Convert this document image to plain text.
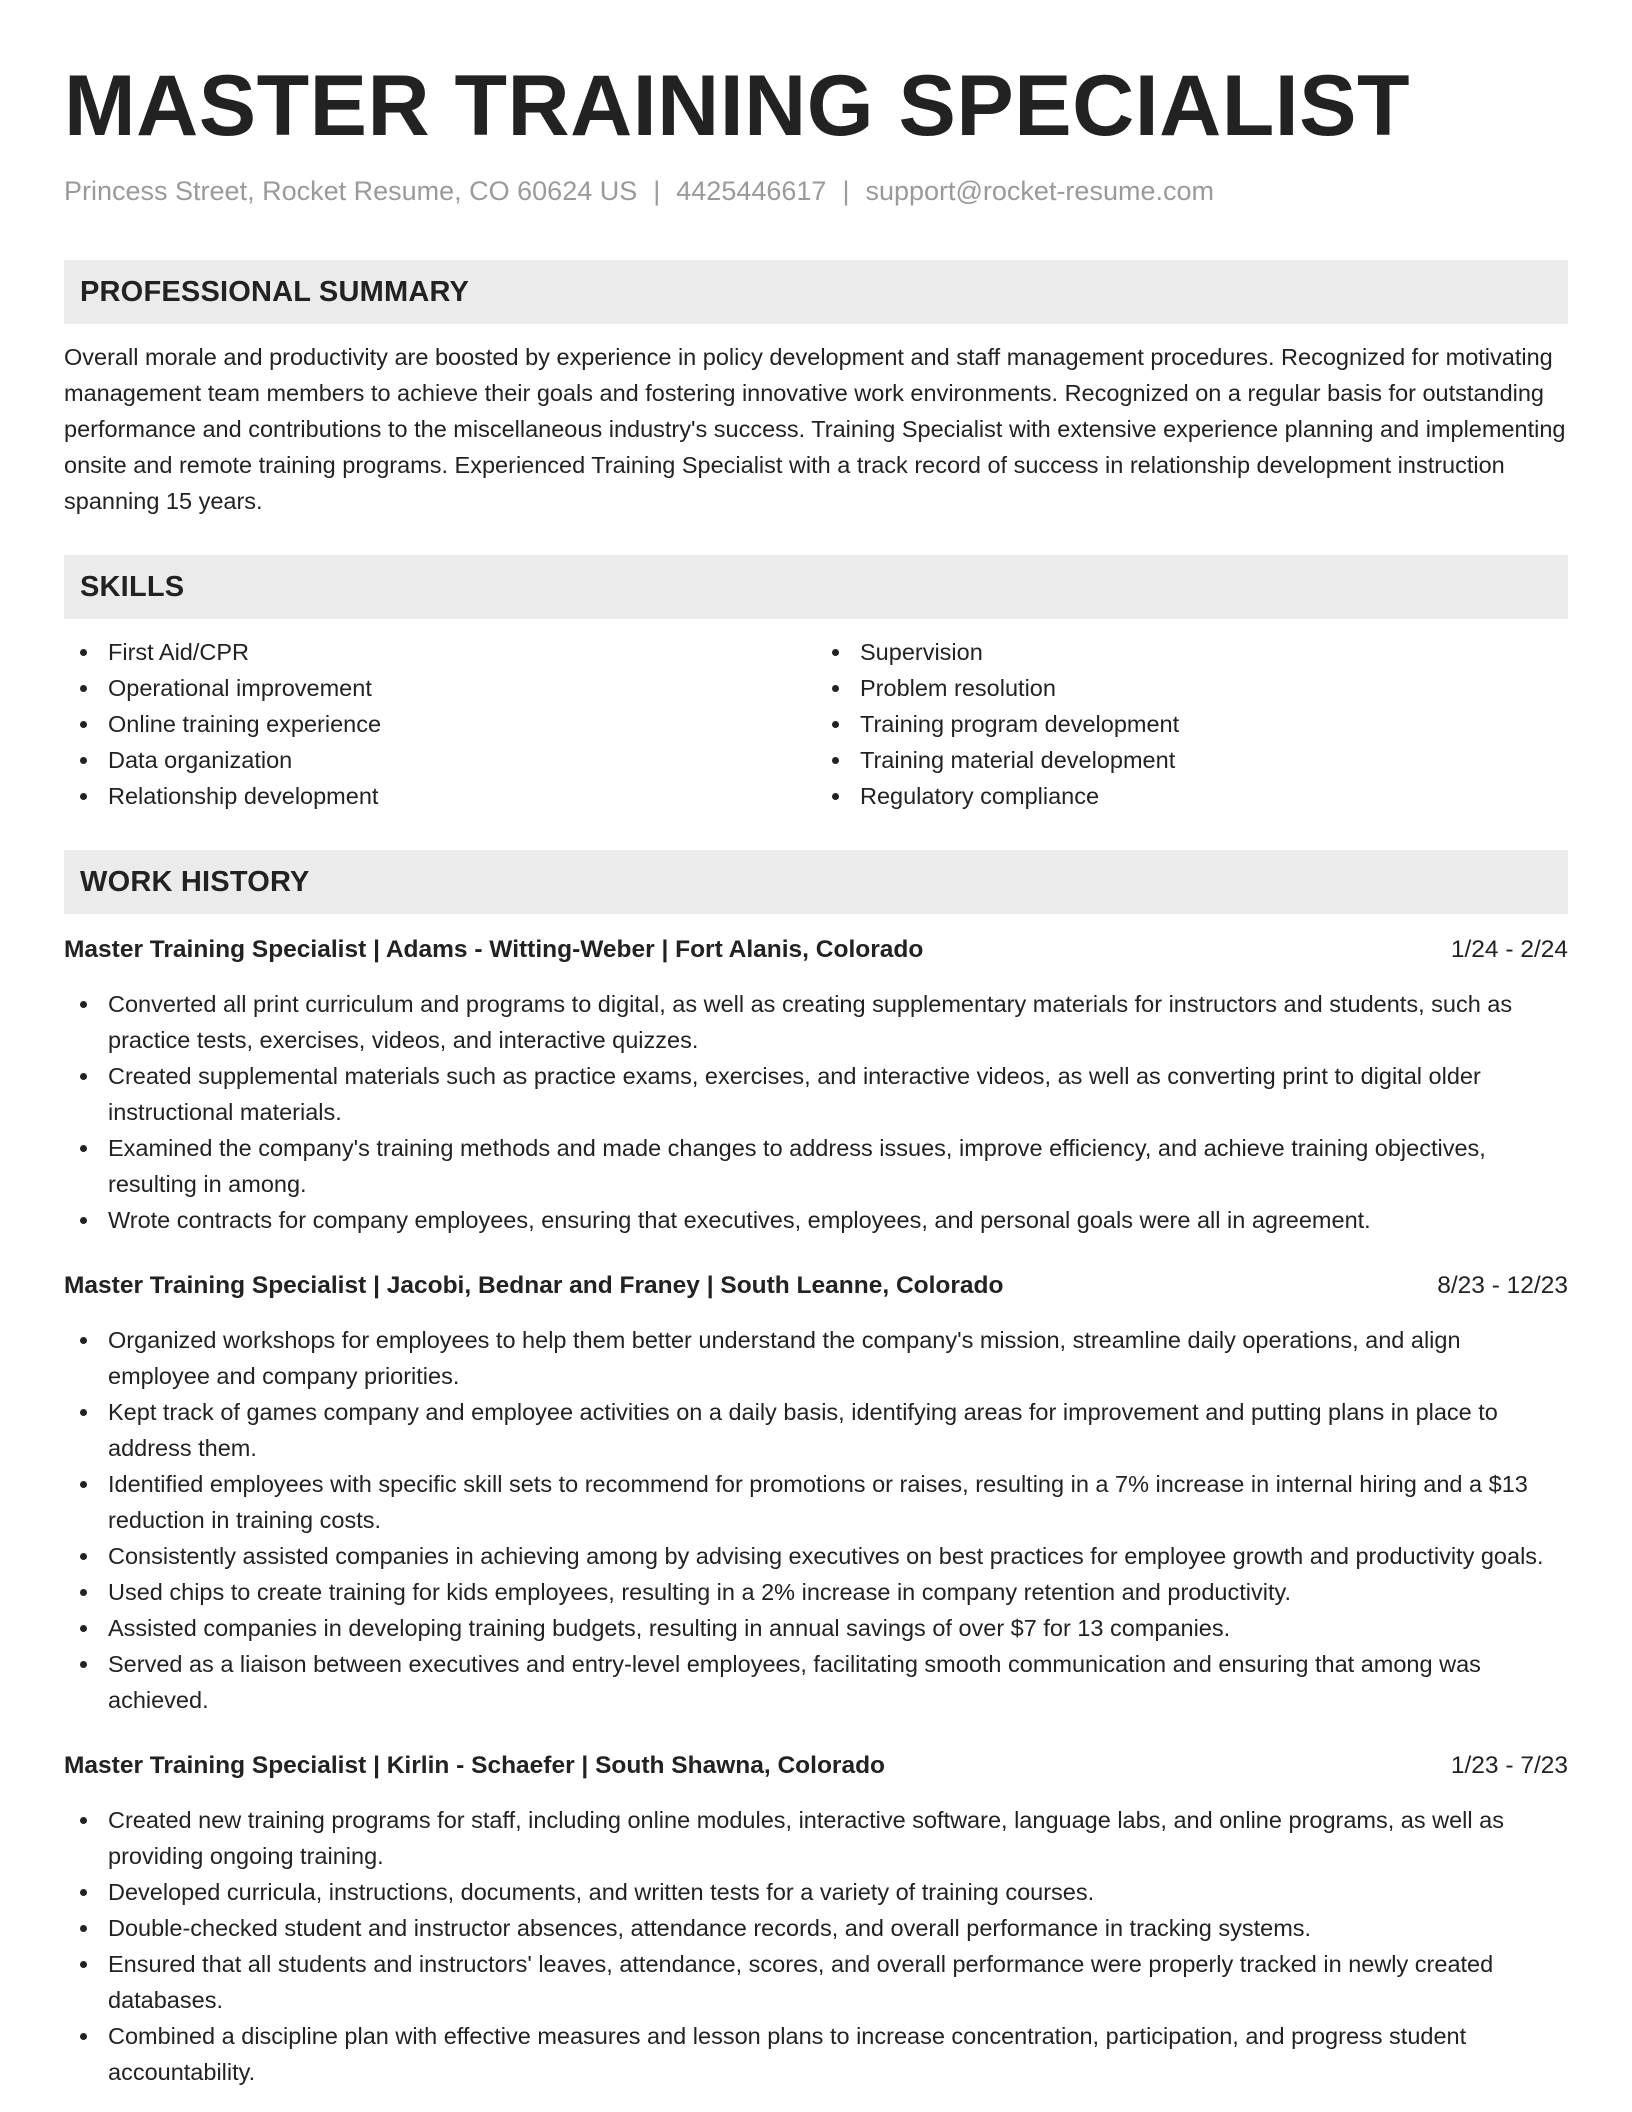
MASTER TRAINING SPECIALIST
Princess Street, Rocket Resume, CO 60624 US | 4425446617 | support@rocket-resume.com
PROFESSIONAL SUMMARY
Overall morale and productivity are boosted by experience in policy development and staff management procedures. Recognized for motivating management team members to achieve their goals and fostering innovative work environments. Recognized on a regular basis for outstanding performance and contributions to the miscellaneous industry's success. Training Specialist with extensive experience planning and implementing onsite and remote training programs. Experienced Training Specialist with a track record of success in relationship development instruction spanning 15 years.
SKILLS
First Aid/CPR
Operational improvement
Online training experience
Data organization
Relationship development
Supervision
Problem resolution
Training program development
Training material development
Regulatory compliance
WORK HISTORY
Master Training Specialist | Adams - Witting-Weber | Fort Alanis, Colorado	1/24 - 2/24
Converted all print curriculum and programs to digital, as well as creating supplementary materials for instructors and students, such as practice tests, exercises, videos, and interactive quizzes.
Created supplemental materials such as practice exams, exercises, and interactive videos, as well as converting print to digital older instructional materials.
Examined the company's training methods and made changes to address issues, improve efficiency, and achieve training objectives, resulting in among.
Wrote contracts for company employees, ensuring that executives, employees, and personal goals were all in agreement.
Master Training Specialist | Jacobi, Bednar and Franey | South Leanne, Colorado	8/23 - 12/23
Organized workshops for employees to help them better understand the company's mission, streamline daily operations, and align employee and company priorities.
Kept track of games company and employee activities on a daily basis, identifying areas for improvement and putting plans in place to address them.
Identified employees with specific skill sets to recommend for promotions or raises, resulting in a 7% increase in internal hiring and a $13 reduction in training costs.
Consistently assisted companies in achieving among by advising executives on best practices for employee growth and productivity goals.
Used chips to create training for kids employees, resulting in a 2% increase in company retention and productivity.
Assisted companies in developing training budgets, resulting in annual savings of over $7 for 13 companies.
Served as a liaison between executives and entry-level employees, facilitating smooth communication and ensuring that among was achieved.
Master Training Specialist | Kirlin - Schaefer | South Shawna, Colorado	1/23 - 7/23
Created new training programs for staff, including online modules, interactive software, language labs, and online programs, as well as providing ongoing training.
Developed curricula, instructions, documents, and written tests for a variety of training courses.
Double-checked student and instructor absences, attendance records, and overall performance in tracking systems.
Ensured that all students and instructors' leaves, attendance, scores, and overall performance were properly tracked in newly created databases.
Combined a discipline plan with effective measures and lesson plans to increase concentration, participation, and progress student accountability.
